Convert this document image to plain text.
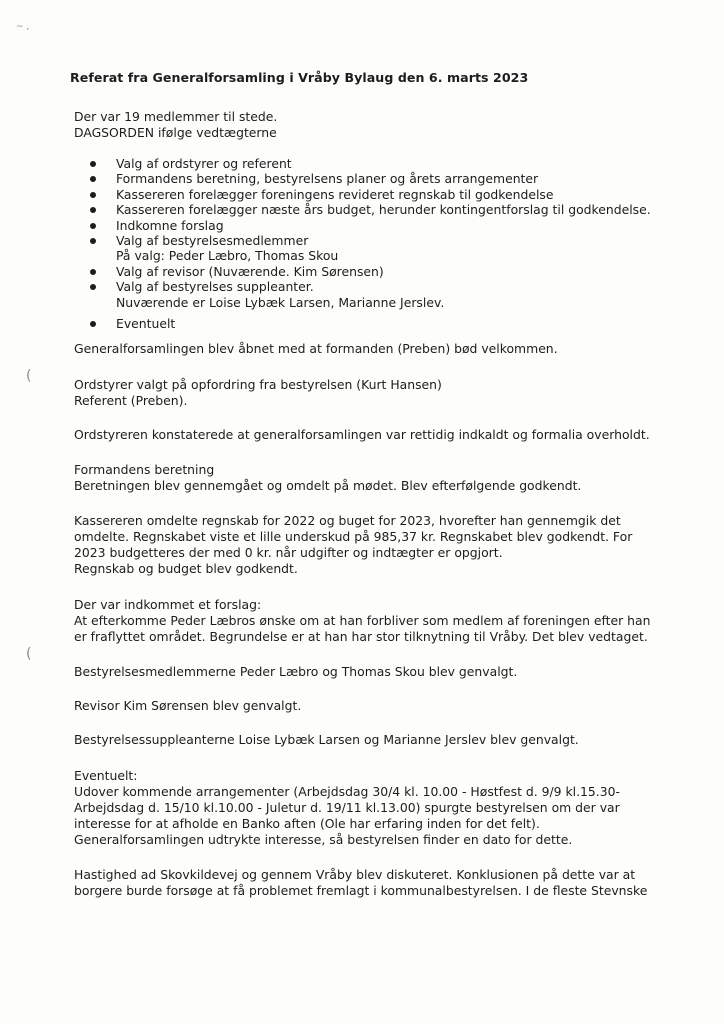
~ ,
(
(
Referat fra Generalforsamling i Vråby Bylaug den 6. marts 2023
Der var 19 medlemmer til stede.
DAGSORDEN ifølge vedtægterne
Valg af ordstyrer og referent
Formandens beretning, bestyrelsens planer og årets arrangementer
Kassereren forelægger foreningens revideret regnskab til godkendelse
Kassereren forelægger næste års budget, herunder kontingentforslag til godkendelse.
Indkomne forslag
Valg af bestyrelsesmedlemmer
På valg: Peder Læbro, Thomas Skou
Valg af revisor (Nuværende. Kim Sørensen)
Valg af bestyrelses suppleanter.
Nuværende er Loise Lybæk Larsen, Marianne Jerslev.
Eventuelt
Generalforsamlingen blev åbnet med at formanden (Preben) bød velkommen.
Ordstyrer valgt på opfordring fra bestyrelsen (Kurt Hansen)
Referent (Preben).
Ordstyreren konstaterede at generalforsamlingen var rettidig indkaldt og formalia overholdt.
Formandens beretning
Beretningen blev gennemgået og omdelt på mødet. Blev efterfølgende godkendt.
Kassereren omdelte regnskab for 2022 og buget for 2023, hvorefter han gennemgik det
omdelte. Regnskabet viste et lille underskud på 985,37 kr. Regnskabet blev godkendt. For
2023 budgetteres der med 0 kr. når udgifter og indtægter er opgjort.
Regnskab og budget blev godkendt.
Der var indkommet et forslag:
At efterkomme Peder Læbros ønske om at han forbliver som medlem af foreningen efter han
er fraflyttet området. Begrundelse er at han har stor tilknytning til Vråby. Det blev vedtaget.
Bestyrelsesmedlemmerne Peder Læbro og Thomas Skou blev genvalgt.
Revisor Kim Sørensen blev genvalgt.
Bestyrelsessuppleanterne Loise Lybæk Larsen og Marianne Jerslev blev genvalgt.
Eventuelt:
Udover kommende arrangementer (Arbejdsdag 30/4 kl. 10.00 - Høstfest d. 9/9 kl.15.30-
Arbejdsdag d. 15/10 kl.10.00 - Juletur d. 19/11 kl.13.00) spurgte bestyrelsen om der var
interesse for at afholde en Banko aften (Ole har erfaring inden for det felt).
Generalforsamlingen udtrykte interesse, så bestyrelsen finder en dato for dette.
Hastighed ad Skovkildevej og gennem Vråby blev diskuteret. Konklusionen på dette var at
borgere burde forsøge at få problemet fremlagt i kommunalbestyrelsen. I de fleste Stevnske
